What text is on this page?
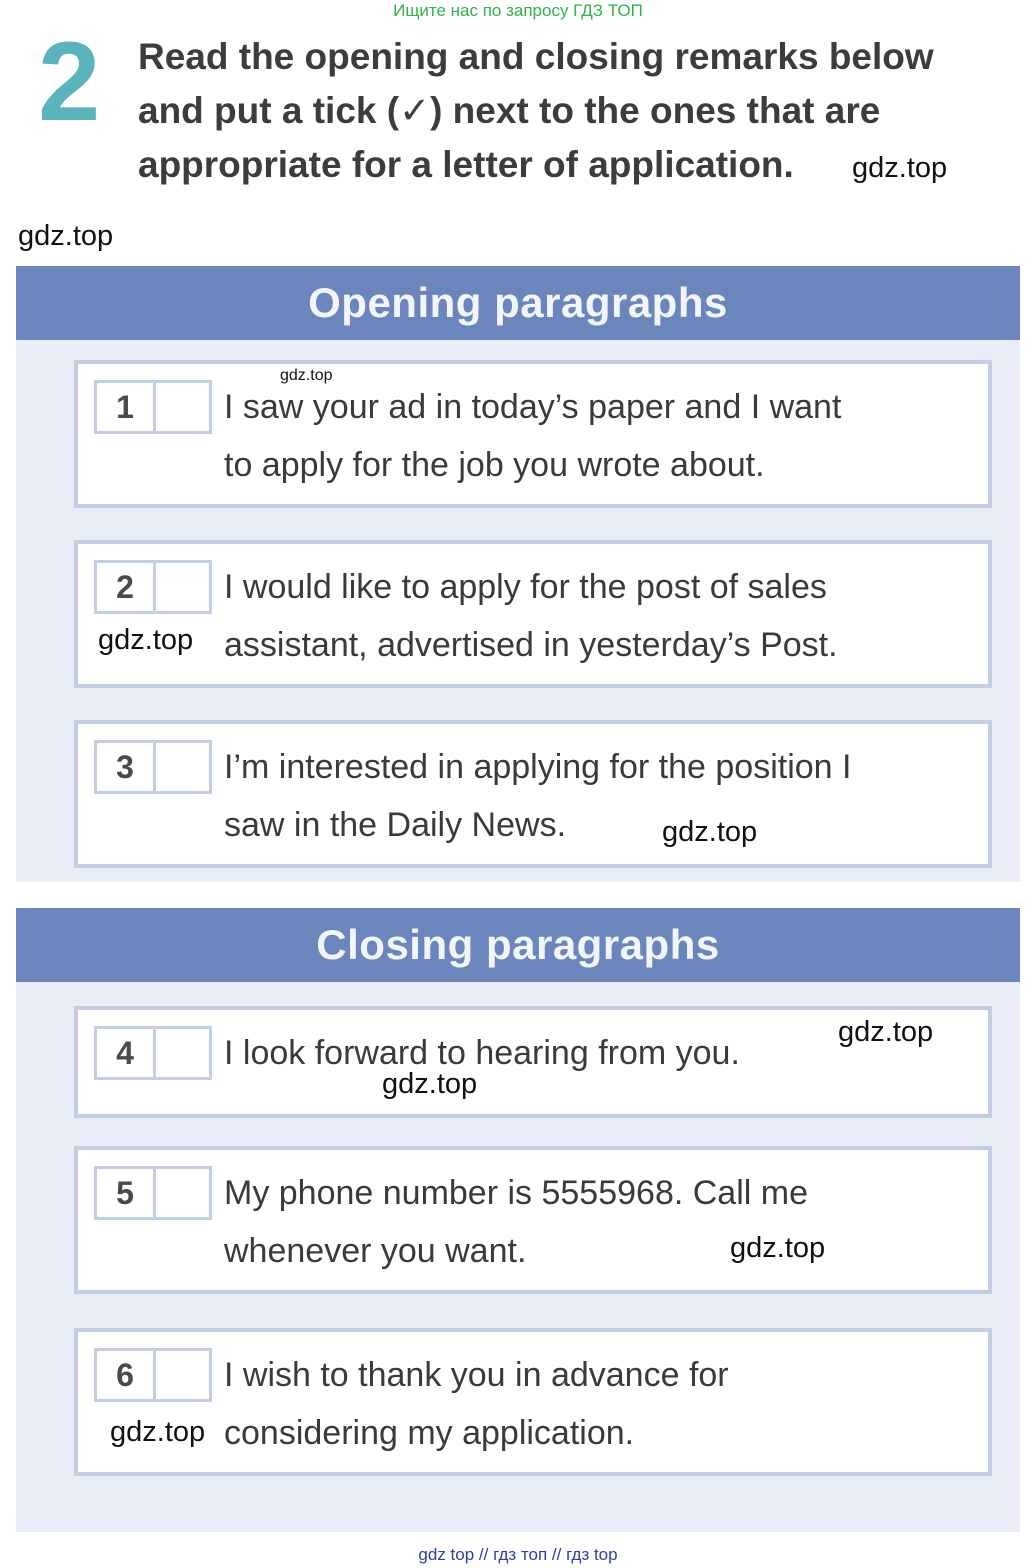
Ищите нас по запросу ГДЗ ТОП
2 Read the opening and closing remarks below
and put a tick (✓) next to the ones that are
appropriate for a letter of application.
Opening paragraphs
1	I saw your ad in today’s paper and I want
to apply for the job you wrote about.
2	I would like to apply for the post of sales
assistant, advertised in yesterday’s Post.
3	I’m interested in applying for the position I
saw in the Daily News.
Closing paragraphs
4	I look forward to hearing from you.
5	My phone number is 5555968. Call me
whenever you want.
6	I wish to thank you in advance for
considering my application.
gdz.top
gdz.top
gdz.top
gdz.top
gdz.top
gdz.top
gdz.top
gdz.top
gdz.top
gdz top // гдз топ // гдз top
